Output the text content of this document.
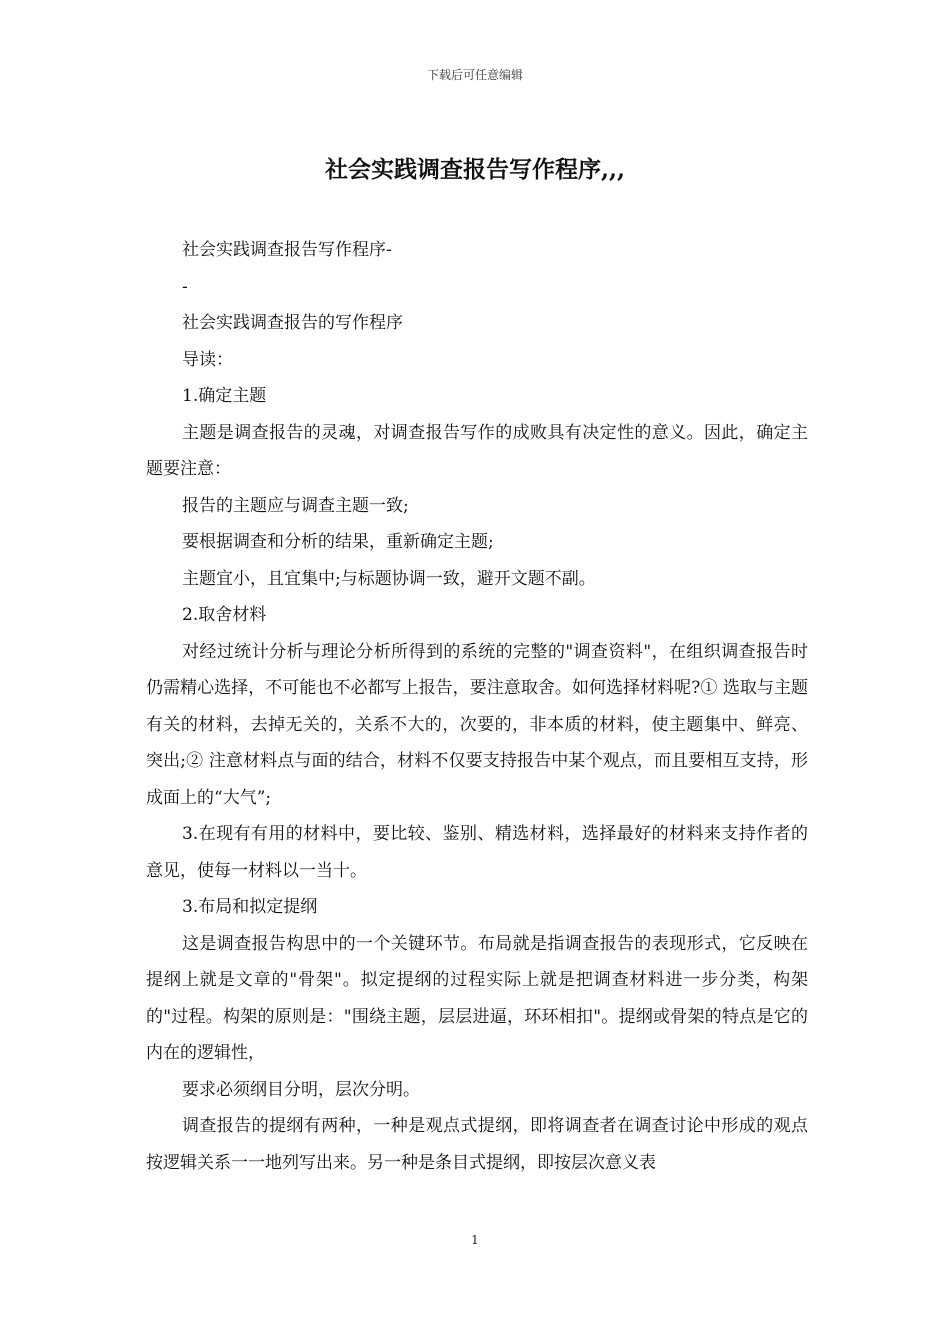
下载后可任意编辑
社会实践调查报告写作程序,,,

社会实践调查报告写作程序-

-

社会实践调查报告的写作程序

导读：

1.确定主题

主题是调查报告的灵魂，对调查报告写作的成败具有决定性的意义。因此，确定主题要注意：

报告的主题应与调查主题一致;

要根据调查和分析的结果，重新确定主题;

主题宜小，且宜集中;与标题协调一致，避开文题不副。

2.取舍材料

对经过统计分析与理论分析所得到的系统的完整的"调查资料"，在组织调查报告时仍需精心选择，不可能也不必都写上报告，要注意取舍。如何选择材料呢?① 选取与主题有关的材料，去掉无关的，关系不大的，次要的，非本质的材料，使主题集中、鲜亮、突出;② 注意材料点与面的结合，材料不仅要支持报告中某个观点，而且要相互支持，形成面上的“大气”;

3.在现有有用的材料中，要比较、鉴别、精选材料，选择最好的材料来支持作者的意见，使每一材料以一当十。

3.布局和拟定提纲

这是调查报告构思中的一个关键环节。布局就是指调查报告的表现形式，它反映在提纲上就是文章的"骨架"。拟定提纲的过程实际上就是把调查材料进一步分类，构架的"过程。构架的原则是："围绕主题，层层进逼，环环相扣"。提纲或骨架的特点是它的内在的逻辑性，

要求必须纲目分明，层次分明。

调查报告的提纲有两种，一种是观点式提纲，即将调查者在调查讨论中形成的观点按逻辑关系一一地列写出来。另一种是条目式提纲，即按层次意义表

1
